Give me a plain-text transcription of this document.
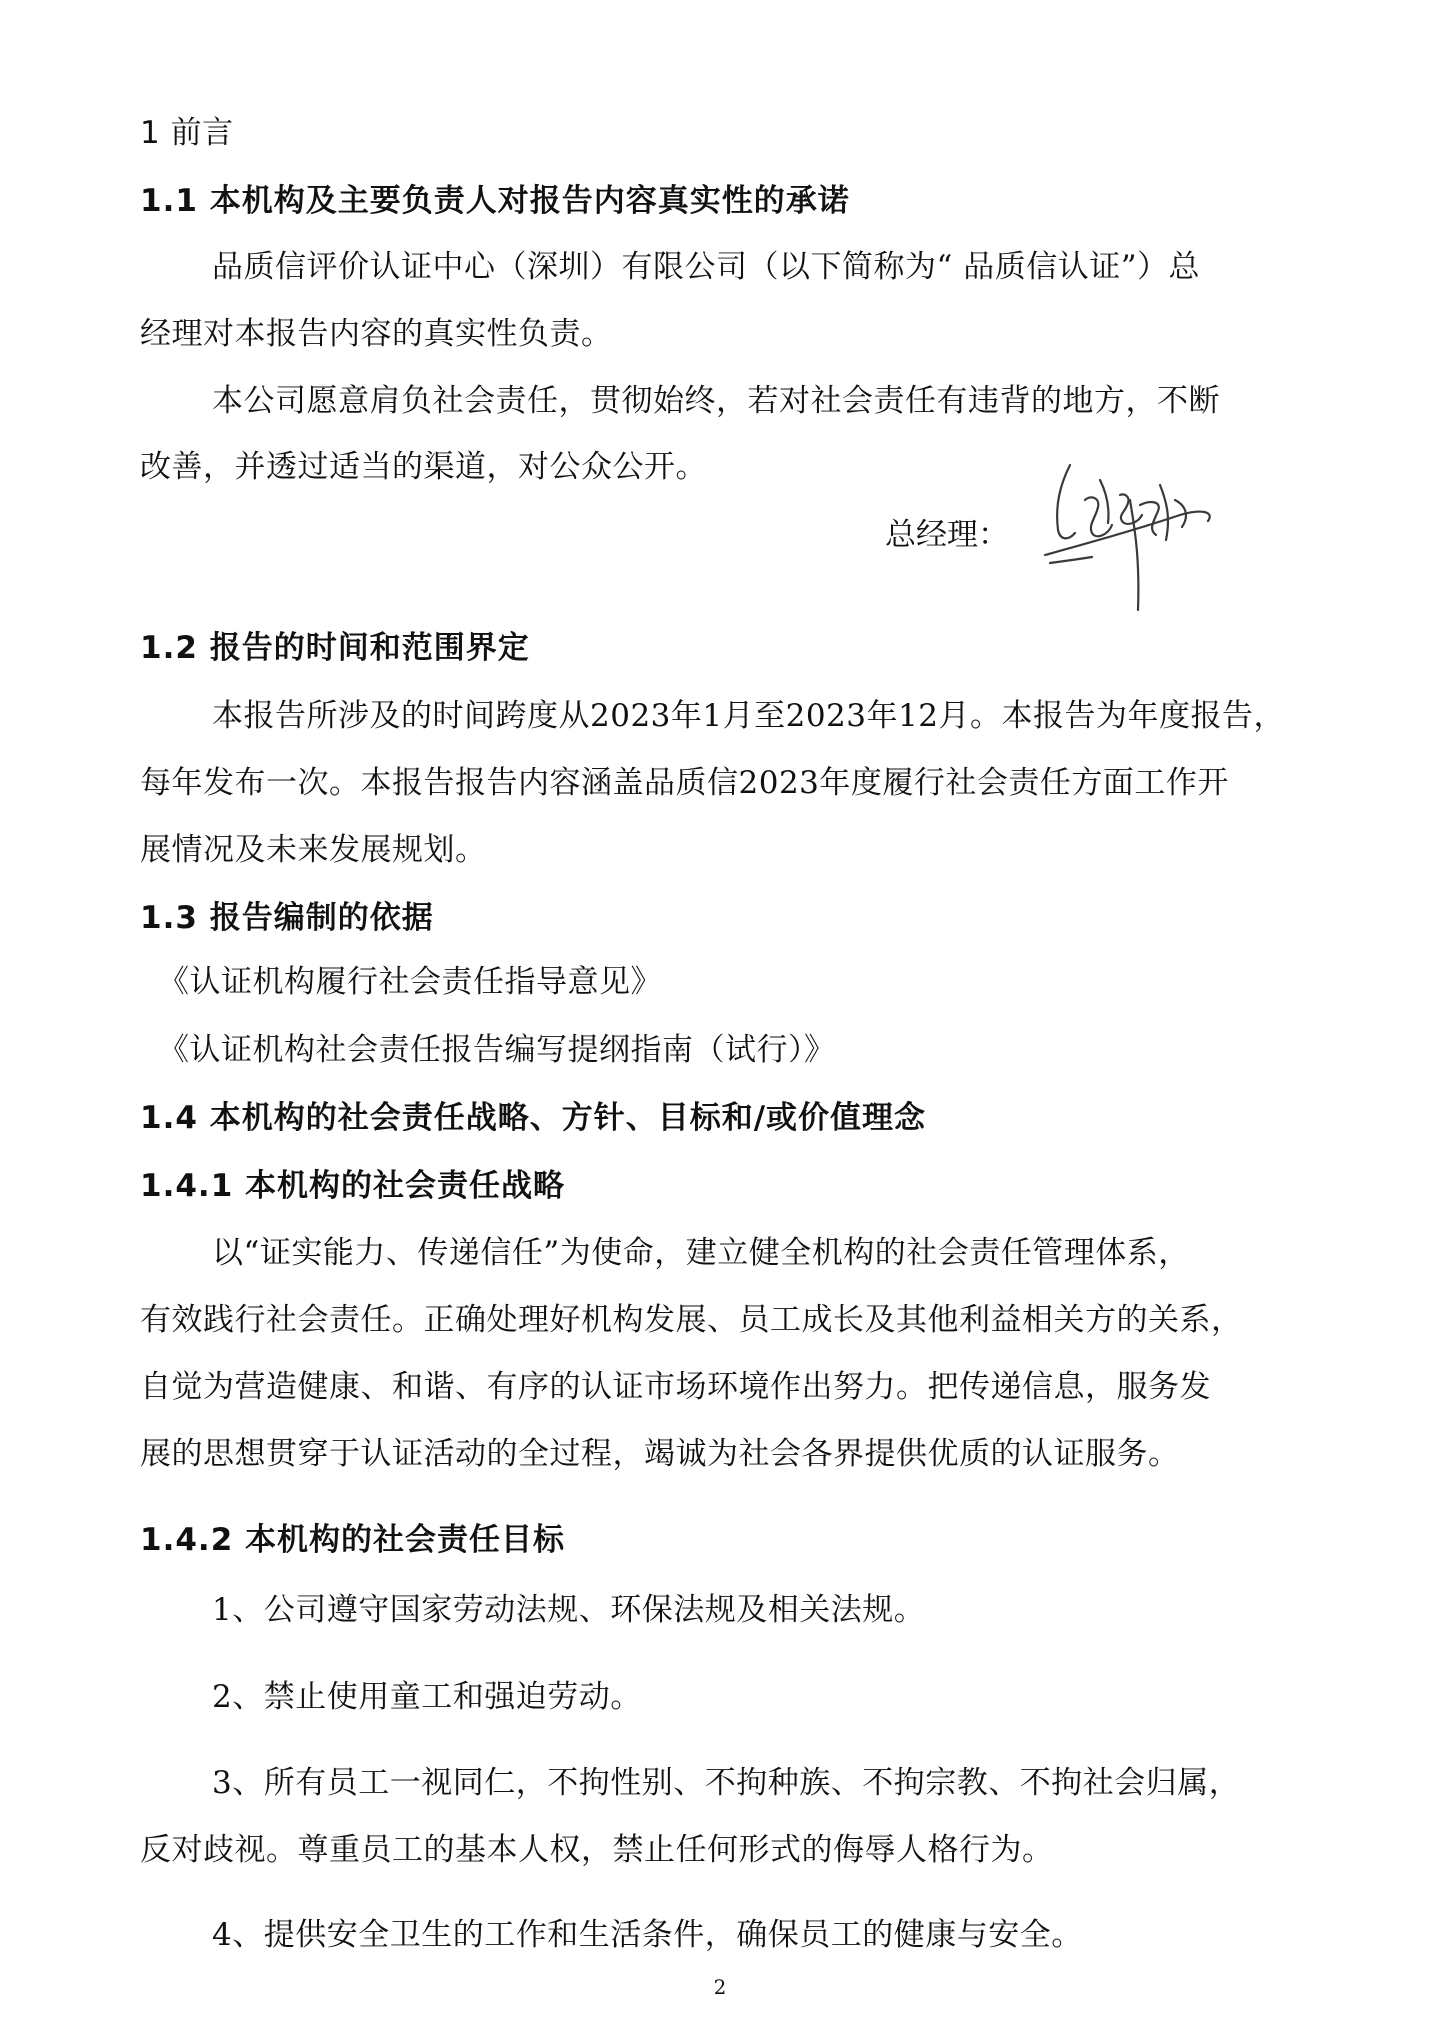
1 前言
1.1 本机构及主要负责人对报告内容真实性的承诺
品质信评价认证中心（深圳）有限公司（以下简称为“ 品质信认证”）总
经理对本报告内容的真实性负责。
本公司愿意肩负社会责任，贯彻始终，若对社会责任有违背的地方，不断
改善，并透过适当的渠道，对公众公开。
总经理：
1.2 报告的时间和范围界定
本报告所涉及的时间跨度从2023年1月至2023年12月。本报告为年度报告，
每年发布一次。本报告报告内容涵盖品质信2023年度履行社会责任方面工作开
展情况及未来发展规划。
1.3 报告编制的依据
《认证机构履行社会责任指导意见》
《认证机构社会责任报告编写提纲指南（试行）》
1.4 本机构的社会责任战略、方针、目标和/或价值理念
1.4.1 本机构的社会责任战略
以“证实能力、传递信任”为使命，建立健全机构的社会责任管理体系，
有效践行社会责任。正确处理好机构发展、员工成长及其他利益相关方的关系，
自觉为营造健康、和谐、有序的认证市场环境作出努力。把传递信息，服务发
展的思想贯穿于认证活动的全过程，竭诚为社会各界提供优质的认证服务。
1.4.2 本机构的社会责任目标
1、公司遵守国家劳动法规、环保法规及相关法规。
2、禁止使用童工和强迫劳动。
3、所有员工一视同仁，不拘性别、不拘种族、不拘宗教、不拘社会归属，
反对歧视。尊重员工的基本人权，禁止任何形式的侮辱人格行为。
4、提供安全卫生的工作和生活条件，确保员工的健康与安全。
2
